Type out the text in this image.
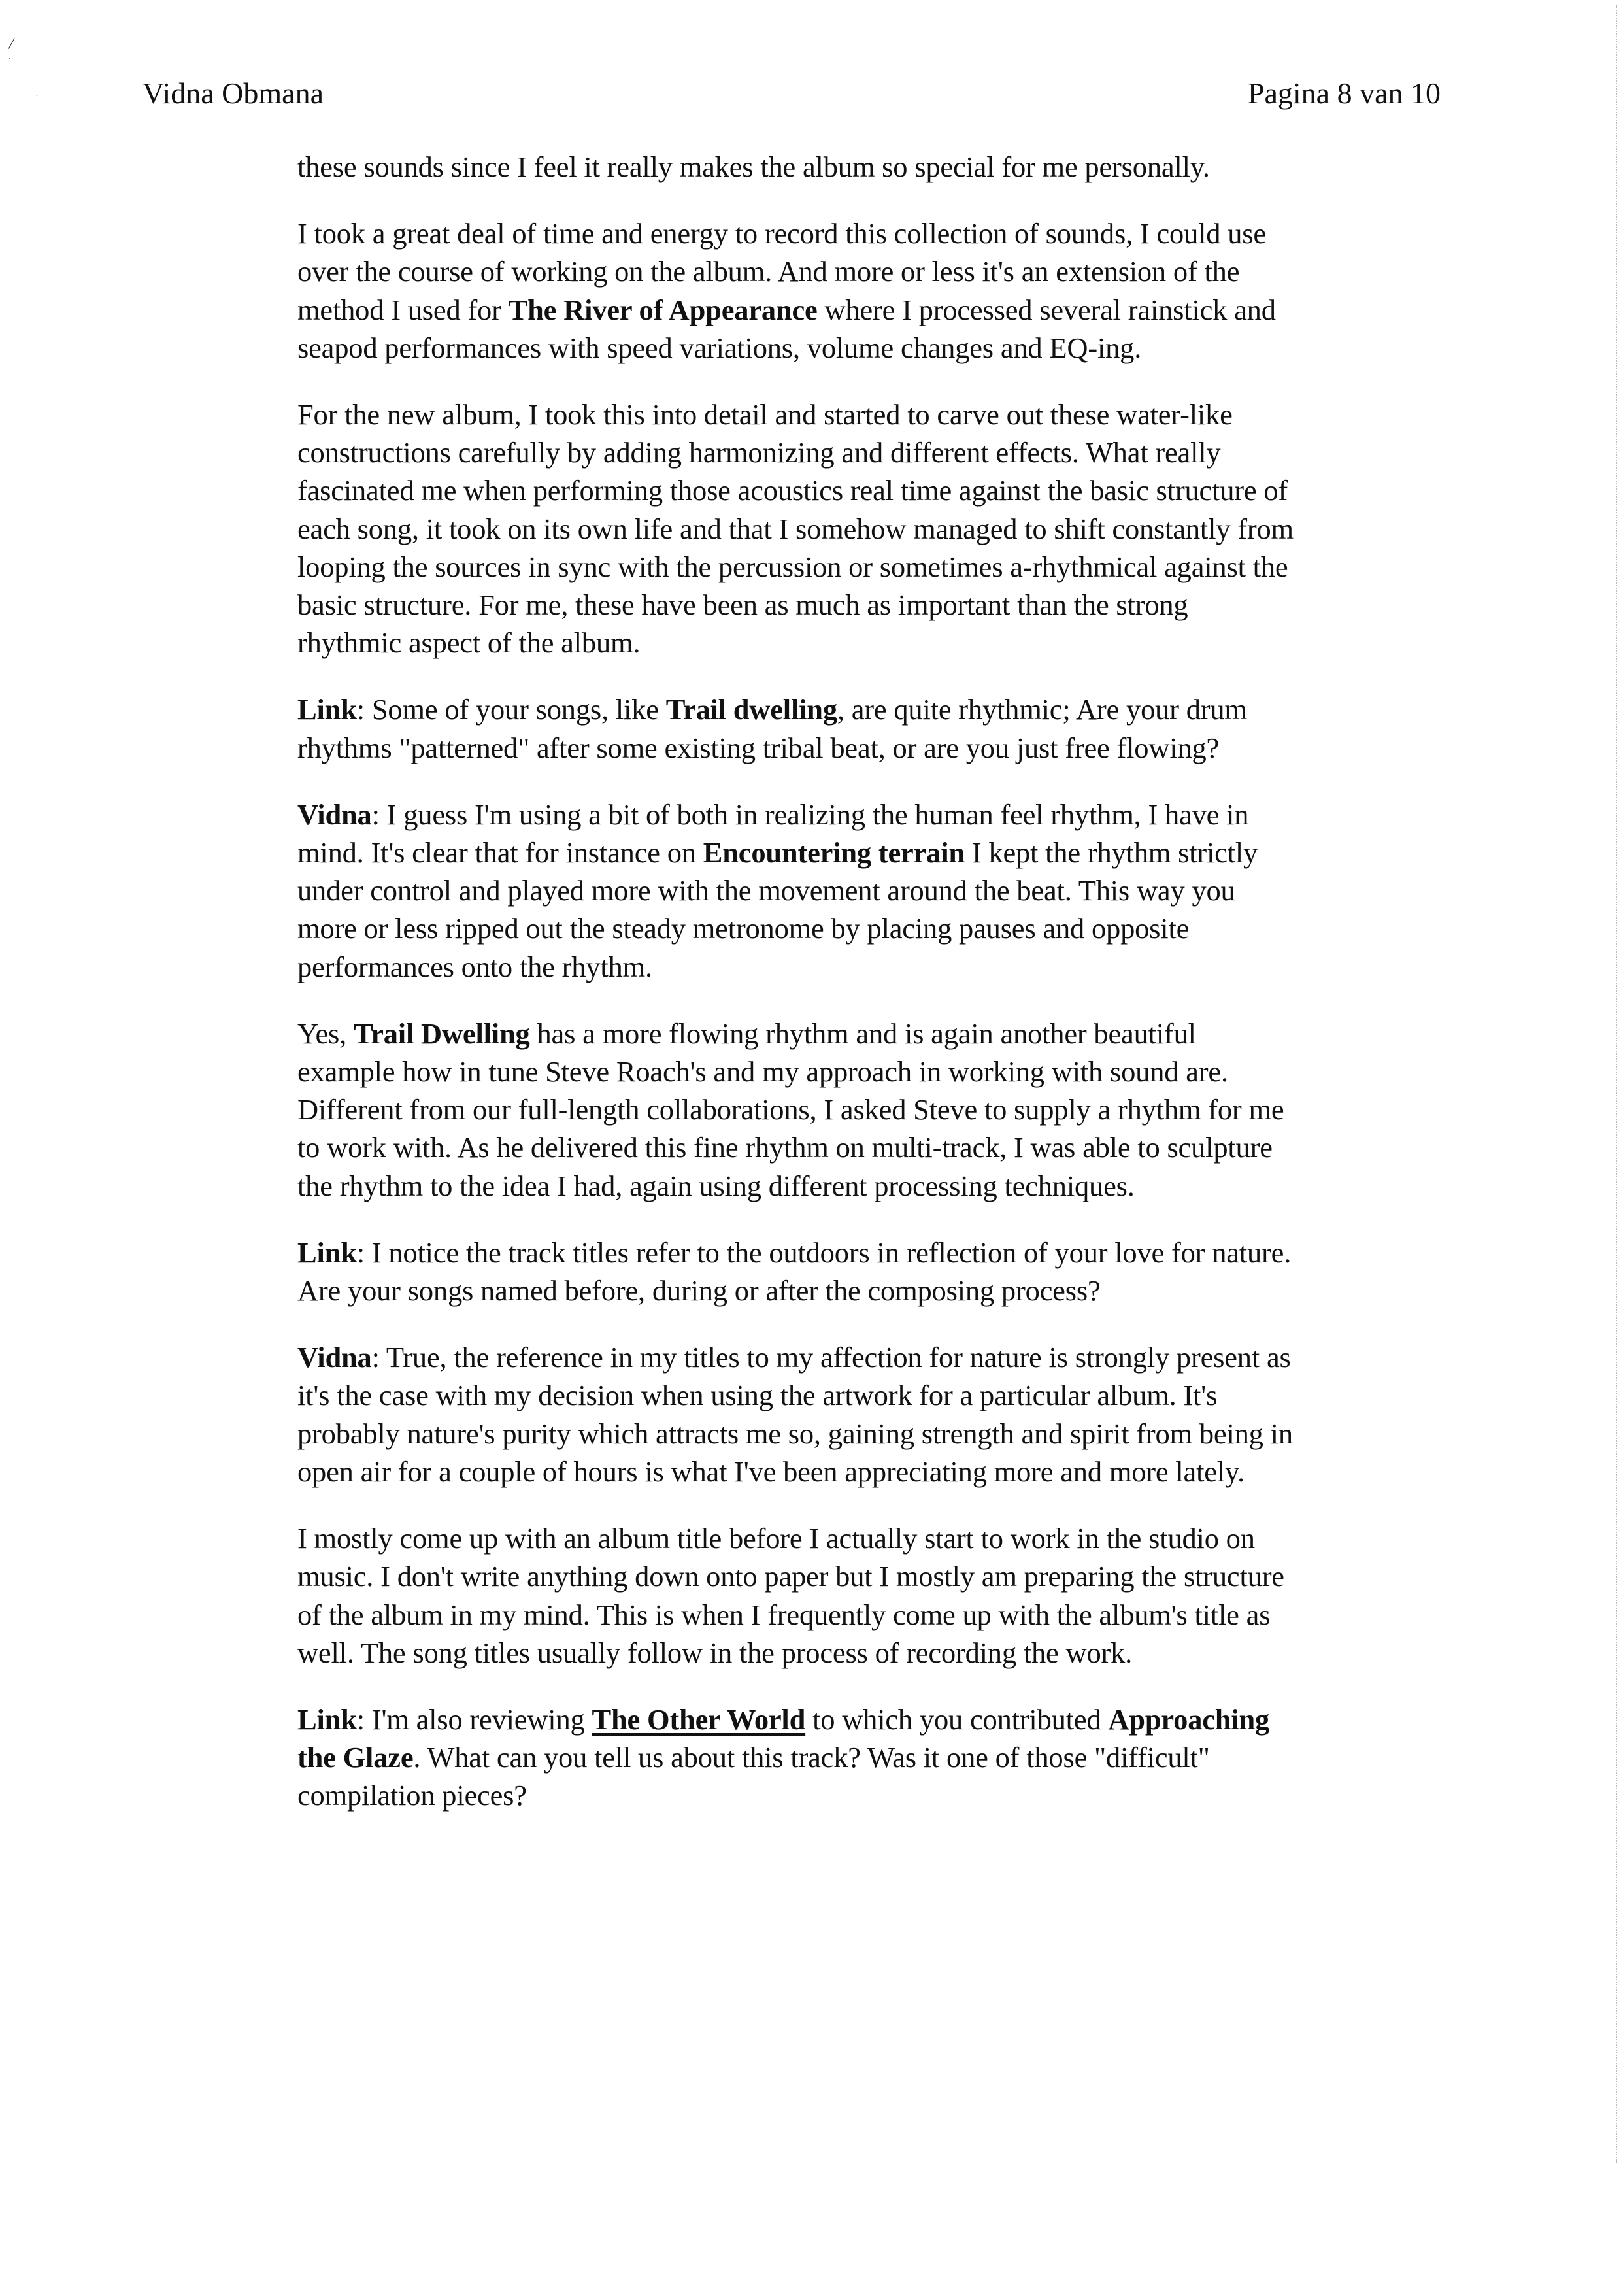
/
·	Vidna Obmana	Pagina 8 van 10

these sounds since I feel it really makes the album so special for me personally.

I took a great deal of time and energy to record this collection of sounds, I could use over the course of working on the album. And more or less it's an extension of the method I used for The River of Appearance where I processed several rainstick and seapod performances with speed variations, volume changes and EQ-ing.

For the new album, I took this into detail and started to carve out these water-like constructions carefully by adding harmonizing and different effects. What really fascinated me when performing those acoustics real time against the basic structure of each song, it took on its own life and that I somehow managed to shift constantly from looping the sources in sync with the percussion or sometimes a-rhythmical against the basic structure. For me, these have been as much as important than the strong rhythmic aspect of the album.

Link: Some of your songs, like Trail dwelling, are quite rhythmic; Are your drum rhythms "patterned" after some existing tribal beat, or are you just free flowing?

Vidna: I guess I'm using a bit of both in realizing the human feel rhythm, I have in mind. It's clear that for instance on Encountering terrain I kept the rhythm strictly under control and played more with the movement around the beat. This way you more or less ripped out the steady metronome by placing pauses and opposite performances onto the rhythm.

Yes, Trail Dwelling has a more flowing rhythm and is again another beautiful example how in tune Steve Roach's and my approach in working with sound are. Different from our full-length collaborations, I asked Steve to supply a rhythm for me to work with. As he delivered this fine rhythm on multi-track, I was able to sculpture the rhythm to the idea I had, again using different processing techniques.

Link: I notice the track titles refer to the outdoors in reflection of your love for nature. Are your songs named before, during or after the composing process?

Vidna: True, the reference in my titles to my affection for nature is strongly present as it's the case with my decision when using the artwork for a particular album. It's probably nature's purity which attracts me so, gaining strength and spirit from being in open air for a couple of hours is what I've been appreciating more and more lately.

I mostly come up with an album title before I actually start to work in the studio on music. I don't write anything down onto paper but I mostly am preparing the structure of the album in my mind. This is when I frequently come up with the album's title as well. The song titles usually follow in the process of recording the work.

Link: I'm also reviewing The Other World to which you contributed Approaching the Glaze. What can you tell us about this track? Was it one of those "difficult" compilation pieces?
